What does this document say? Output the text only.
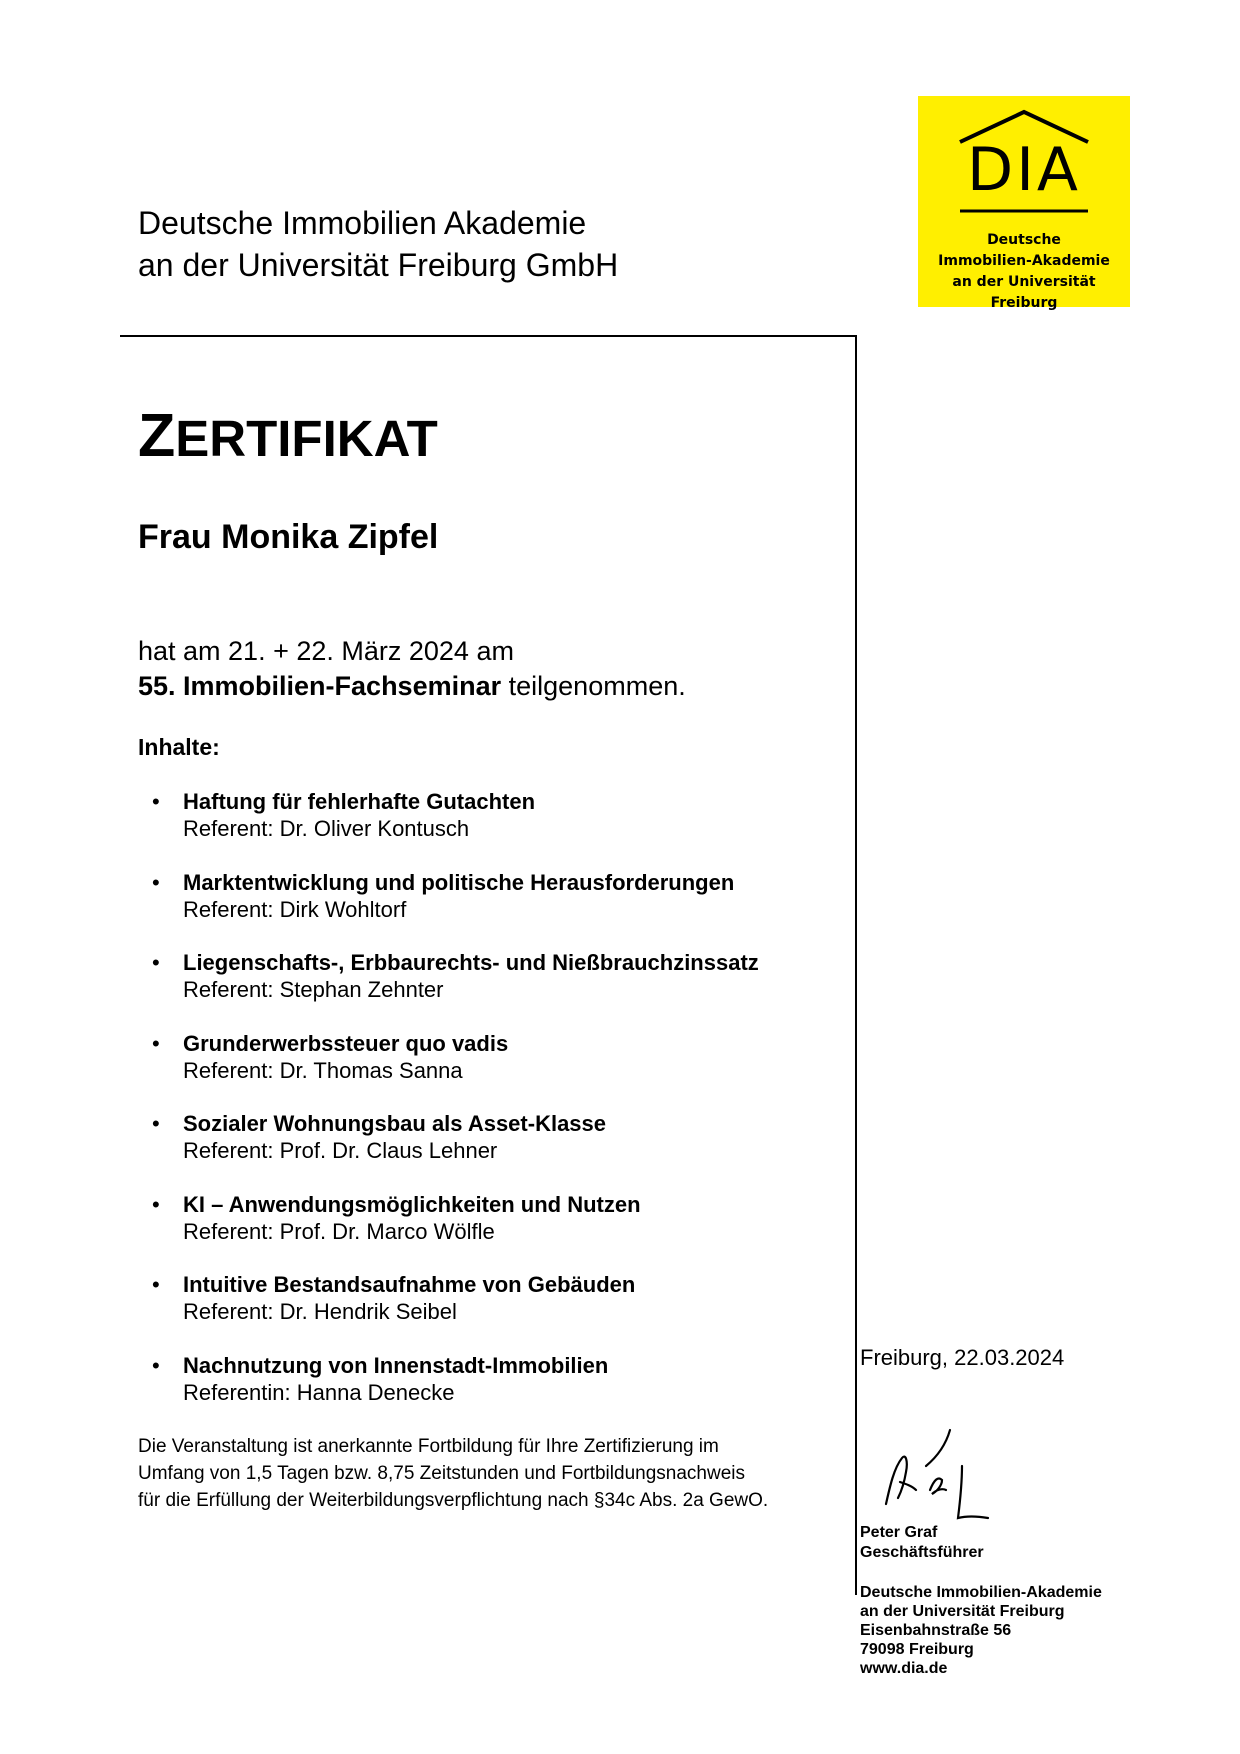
Deutsche Immobilien Akademie
an der Universität Freiburg GmbH
DIA
Deutsche
Immobilien-Akademie
an der Universität Freiburg
ZERTIFIKAT
Frau Monika Zipfel
hat am 21. + 22. März 2024 am
55. Immobilien-Fachseminar teilgenommen.
Inhalte:
• Haftung für fehlerhafte Gutachten
Referent: Dr. Oliver Kontusch
• Marktentwicklung und politische Herausforderungen
Referent: Dirk Wohltorf
• Liegenschafts-, Erbbaurechts- und Nießbrauchzinssatz
Referent: Stephan Zehnter
• Grunderwerbssteuer quo vadis
Referent: Dr. Thomas Sanna
• Sozialer Wohnungsbau als Asset-Klasse
Referent: Prof. Dr. Claus Lehner
• KI – Anwendungsmöglichkeiten und Nutzen
Referent: Prof. Dr. Marco Wölfle
• Intuitive Bestandsaufnahme von Gebäuden
Referent: Dr. Hendrik Seibel
• Nachnutzung von Innenstadt-Immobilien
Referentin: Hanna Denecke
Die Veranstaltung ist anerkannte Fortbildung für Ihre Zertifizierung im
Umfang von 1,5 Tagen bzw. 8,75 Zeitstunden und Fortbildungsnachweis
für die Erfüllung der Weiterbildungsverpflichtung nach §34c Abs. 2a GewO.
Freiburg, 22.03.2024
Peter Graf
Geschäftsführer
Deutsche Immobilien-Akademie
an der Universität Freiburg
Eisenbahnstraße 56
79098 Freiburg
www.dia.de
